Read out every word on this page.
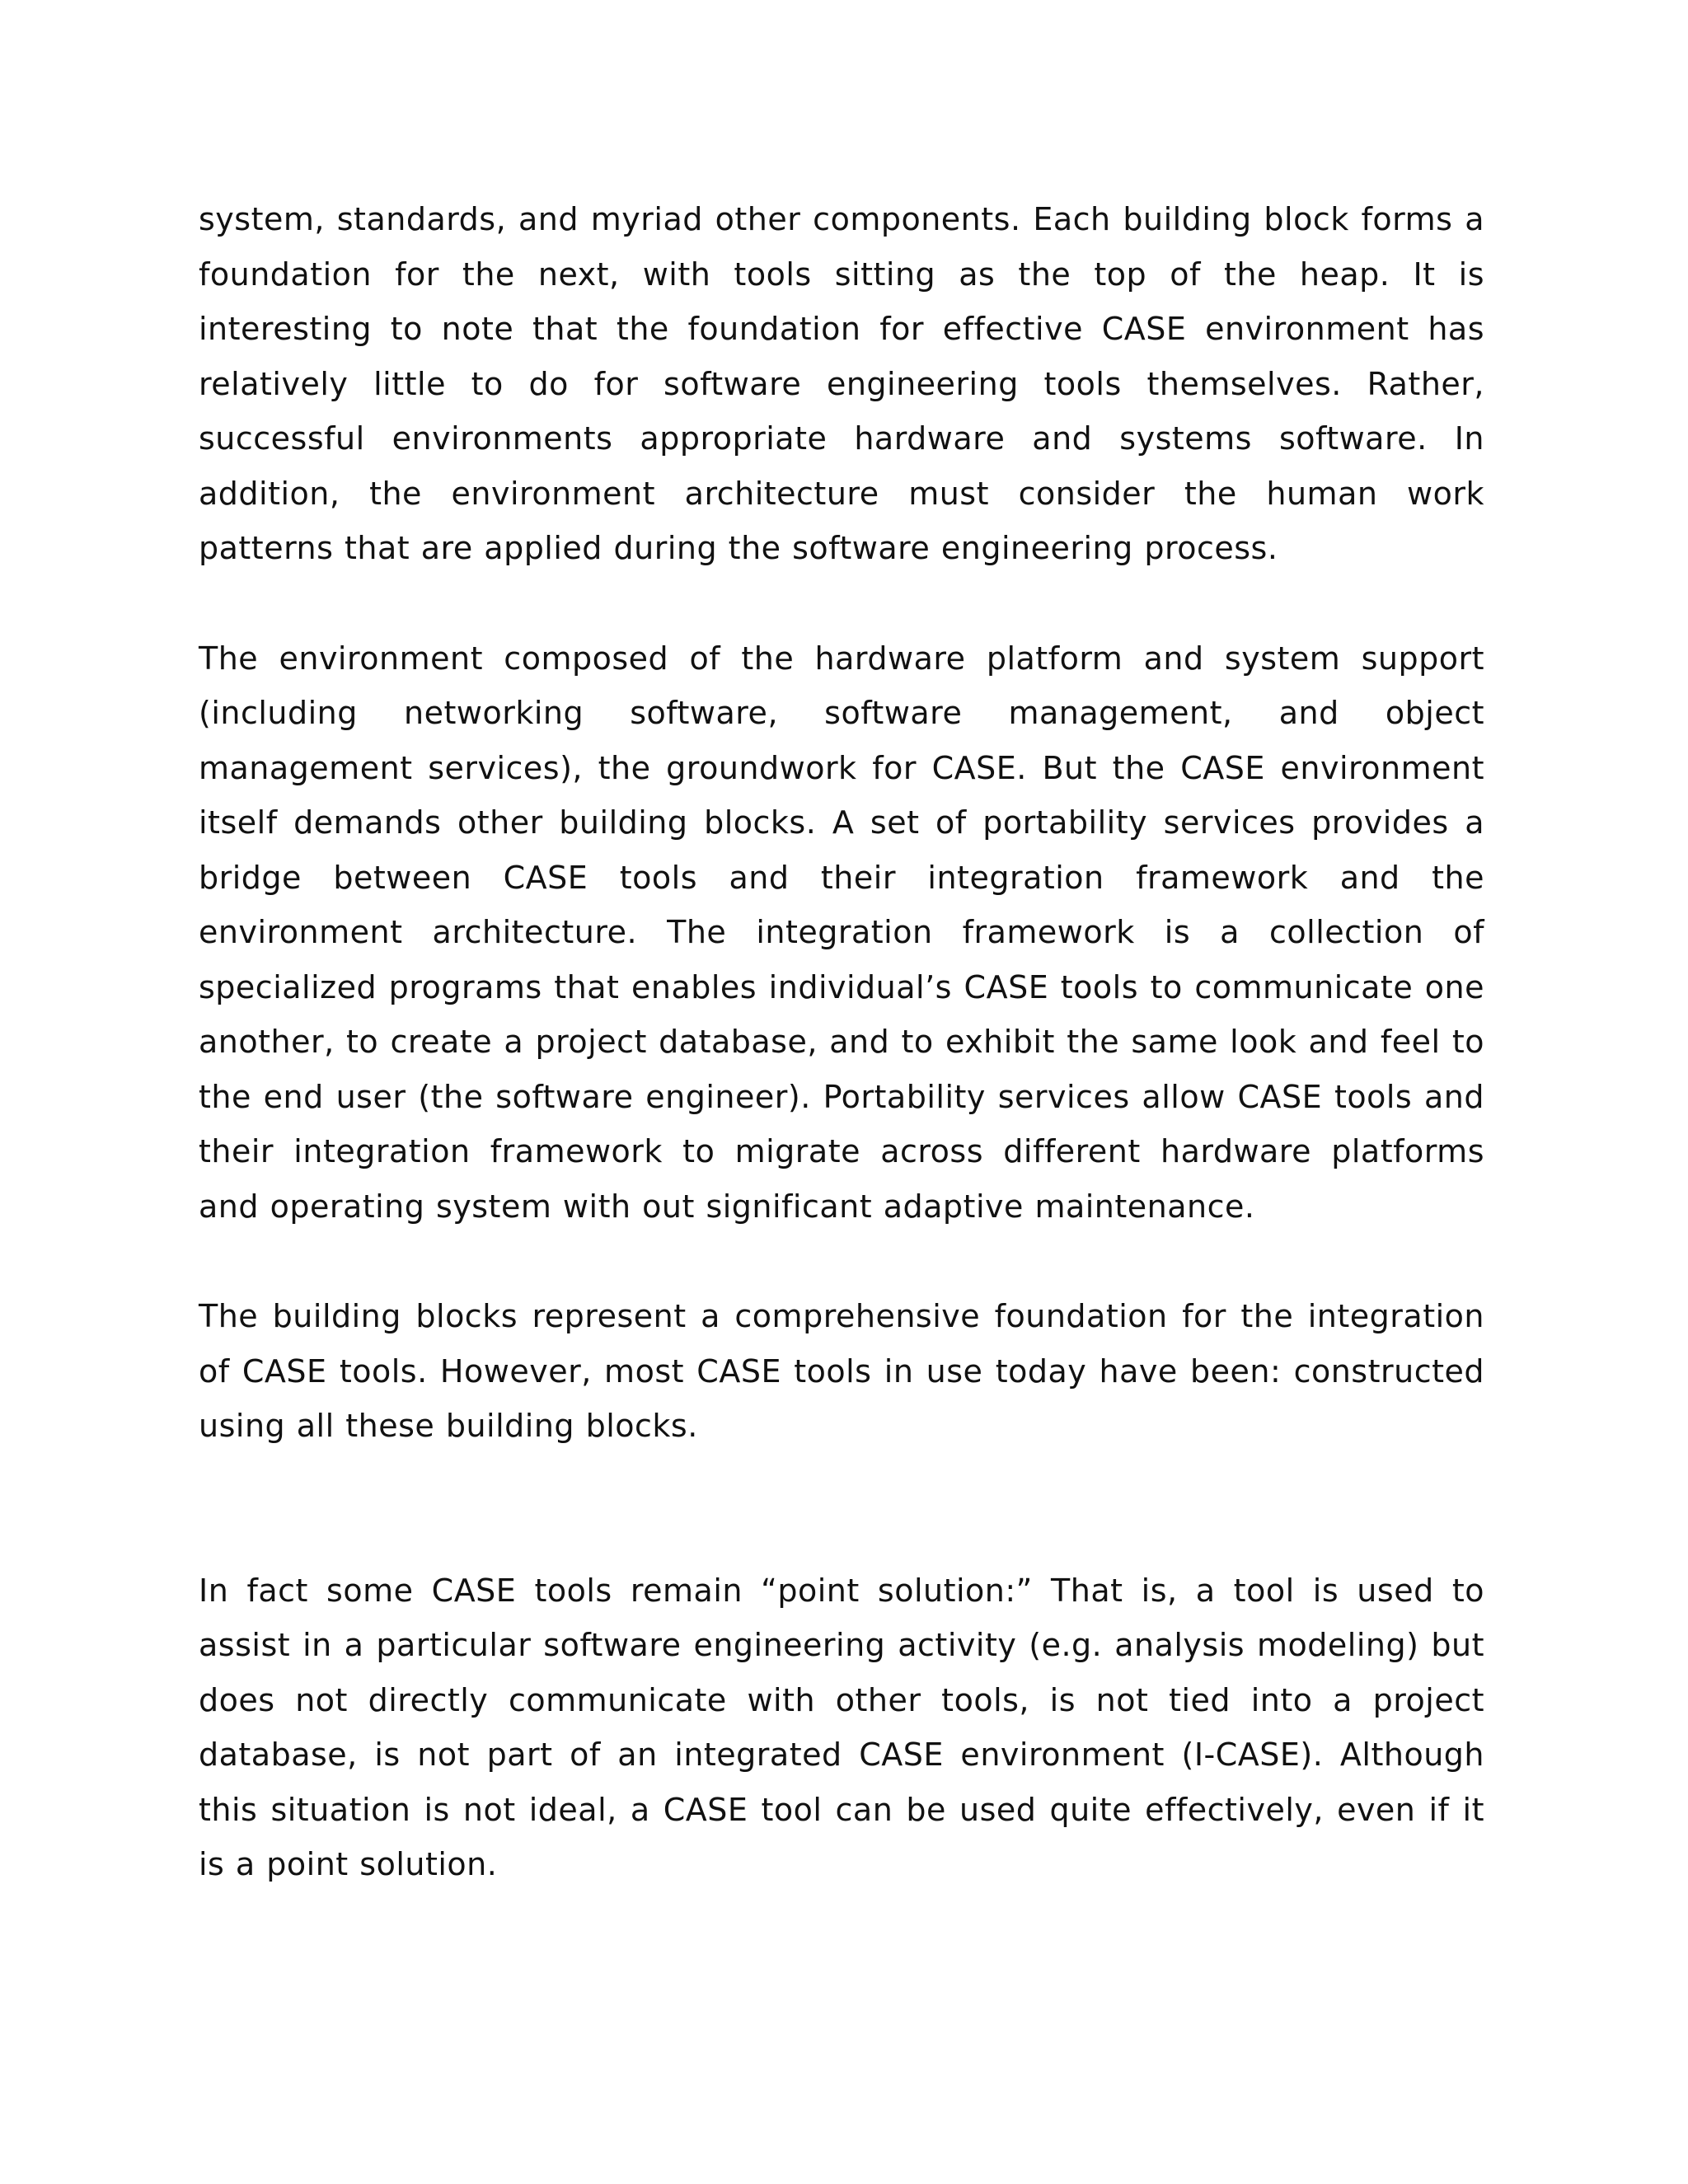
system, standards, and myriad other components. Each building block forms a foundation for the next, with tools sitting as the top of the heap. It is interesting to note that the foundation for effective CASE environment has relatively little to do for software engineering tools themselves. Rather, successful environments appropriate hardware and systems software. In addition, the environment architecture must consider the human work patterns that are applied during the software engineering process.

The environment composed of the hardware platform and system support (including networking software, software management, and object management services), the groundwork for CASE. But the CASE environment itself demands other building blocks. A set of portability services provides a bridge between CASE tools and their integration framework and the environment architecture. The integration framework is a collection of specialized programs that enables individual’s CASE tools to communicate one another, to create a project database, and to exhibit the same look and feel to the end user (the software engineer). Portability services allow CASE tools and their integration framework to migrate across different hardware platforms and operating system with out significant adaptive maintenance.

The building blocks represent a comprehensive foundation for the integration of CASE tools. However, most CASE tools in use today have been: constructed using all these building blocks.

In fact some CASE tools remain “point solution:” That is, a tool is used to assist in a particular software engineering activity (e.g. analysis modeling) but does not directly communicate with other tools, is not tied into a project database, is not part of an integrated CASE environment (I-CASE). Although this situation is not ideal, a CASE tool can be used quite effectively, even if it is a point solution.
